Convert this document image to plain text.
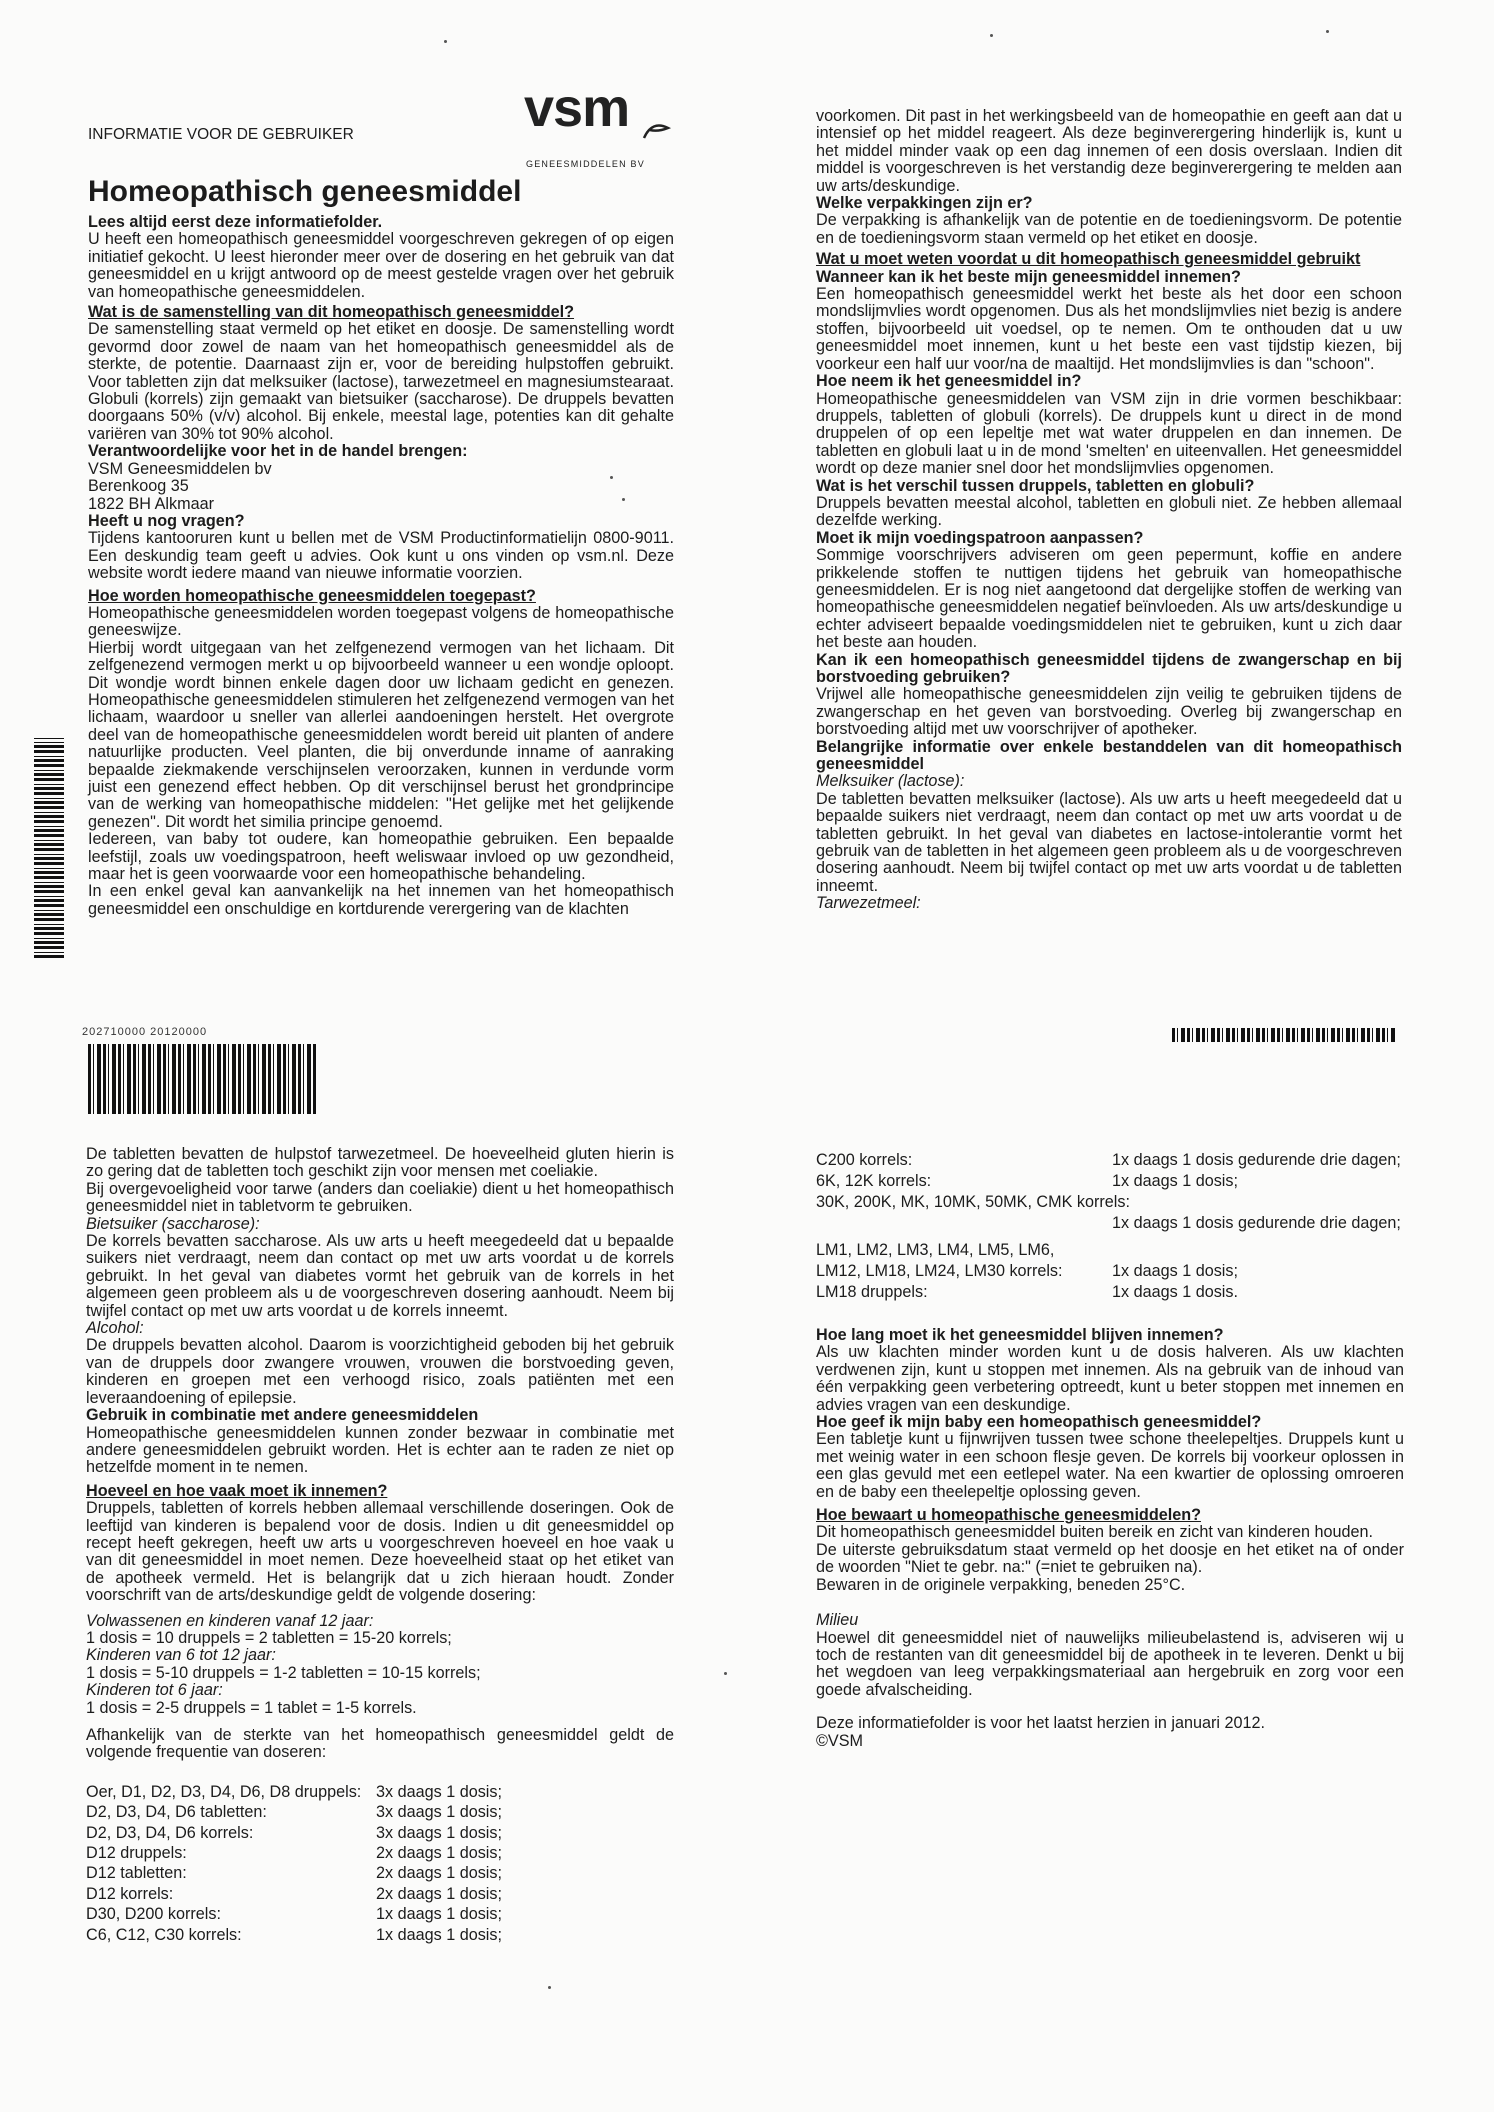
INFORMATIE VOOR DE GEBRUIKER	vsm
GENEESMIDDELEN BV
Homeopathisch geneesmiddel

Lees altijd eerst deze informatiefolder.

U heeft een homeopathisch geneesmiddel voorgeschreven gekregen of op eigen initiatief gekocht. U leest hieronder meer over de dosering en het gebruik van dat geneesmiddel en u krijgt antwoord op de meest gestelde vragen over het gebruik van homeopathische geneesmiddelen.

Wat is de samenstelling van dit homeopathisch geneesmiddel?

De samenstelling staat vermeld op het etiket en doosje. De samenstelling wordt gevormd door zowel de naam van het homeopathisch geneesmiddel als de sterkte, de potentie. Daarnaast zijn er, voor de bereiding hulpstoffen gebruikt. Voor tabletten zijn dat melksuiker (lactose), tarwezetmeel en magnesiumstearaat. Globuli (korrels) zijn gemaakt van bietsuiker (saccharose). De druppels bevatten doorgaans 50% (v/v) alcohol. Bij enkele, meestal lage, potenties kan dit gehalte variëren van 30% tot 90% alcohol.

Verantwoordelijke voor het in de handel brengen:

VSM Geneesmiddelen bv

Berenkoog 35

1822 BH Alkmaar

Heeft u nog vragen?

Tijdens kantooruren kunt u bellen met de VSM Productinformatielijn 0800-9011. Een deskundig team geeft u advies. Ook kunt u ons vinden op vsm.nl. Deze website wordt iedere maand van nieuwe informatie voorzien.

Hoe worden homeopathische geneesmiddelen toegepast?

Homeopathische geneesmiddelen worden toegepast volgens de homeopathische geneeswijze.

Hierbij wordt uitgegaan van het zelfgenezend vermogen van het lichaam. Dit zelfgenezend vermogen merkt u op bijvoorbeeld wanneer u een wondje oploopt. Dit wondje wordt binnen enkele dagen door uw lichaam gedicht en genezen. Homeopathische geneesmiddelen stimuleren het zelfgenezend vermogen van het lichaam, waardoor u sneller van allerlei aandoeningen herstelt. Het overgrote deel van de homeopathische geneesmiddelen wordt bereid uit planten of andere natuurlijke producten. Veel planten, die bij onverdunde inname of aanraking bepaalde ziekmakende verschijnselen veroorzaken, kunnen in verdunde vorm juist een genezend effect hebben. Op dit verschijnsel berust het grondprincipe van de werking van homeopathische middelen: "Het gelijke met het gelijkende genezen". Dit wordt het similia principe genoemd.

Iedereen, van baby tot oudere, kan homeopathie gebruiken. Een bepaalde leefstijl, zoals uw voedingspatroon, heeft weliswaar invloed op uw gezondheid, maar het is geen voorwaarde voor een homeopathische behandeling.

In een enkel geval kan aanvankelijk na het innemen van het homeopathisch geneesmiddel een onschuldige en kortdurende verergering van de klachten

voorkomen. Dit past in het werkingsbeeld van de homeopathie en geeft aan dat u intensief op het middel reageert. Als deze beginverergering hinderlijk is, kunt u het middel minder vaak op een dag innemen of een dosis overslaan. Indien dit middel is voorgeschreven is het verstandig deze beginverergering te melden aan uw arts/deskundige.

Welke verpakkingen zijn er?

De verpakking is afhankelijk van de potentie en de toedieningsvorm. De potentie en de toedieningsvorm staan vermeld op het etiket en doosje.

Wat u moet weten voordat u dit homeopathisch geneesmiddel gebruikt

Wanneer kan ik het beste mijn geneesmiddel innemen?

Een homeopathisch geneesmiddel werkt het beste als het door een schoon mondslijmvlies wordt opgenomen. Dus als het mondslijmvlies niet bezig is andere stoffen, bijvoorbeeld uit voedsel, op te nemen. Om te onthouden dat u uw geneesmiddel moet innemen, kunt u het beste een vast tijdstip kiezen, bij voorkeur een half uur voor/na de maaltijd. Het mondslijmvlies is dan "schoon".

Hoe neem ik het geneesmiddel in?

Homeopathische geneesmiddelen van VSM zijn in drie vormen beschikbaar: druppels, tabletten of globuli (korrels). De druppels kunt u direct in de mond druppelen of op een lepeltje met wat water druppelen en dan innemen. De tabletten en globuli laat u in de mond 'smelten' en uiteenvallen. Het geneesmiddel wordt op deze manier snel door het mondslijmvlies opgenomen.

Wat is het verschil tussen druppels, tabletten en globuli?

Druppels bevatten meestal alcohol, tabletten en globuli niet. Ze hebben allemaal dezelfde werking.

Moet ik mijn voedingspatroon aanpassen?

Sommige voorschrijvers adviseren om geen pepermunt, koffie en andere prikkelende stoffen te nuttigen tijdens het gebruik van homeopathische geneesmiddelen. Er is nog niet aangetoond dat dergelijke stoffen de werking van homeopathische geneesmiddelen negatief beïnvloeden. Als uw arts/deskundige u echter adviseert bepaalde voedingsmiddelen niet te gebruiken, kunt u zich daar het beste aan houden.

Kan ik een homeopathisch geneesmiddel tijdens de zwangerschap en bij borstvoeding gebruiken?

Vrijwel alle homeopathische geneesmiddelen zijn veilig te gebruiken tijdens de zwangerschap en het geven van borstvoeding. Overleg bij zwangerschap en borstvoeding altijd met uw voorschrijver of apotheker.

Belangrijke informatie over enkele bestanddelen van dit homeopathisch geneesmiddel

Melksuiker (lactose):

De tabletten bevatten melksuiker (lactose). Als uw arts u heeft meegedeeld dat u bepaalde suikers niet verdraagt, neem dan contact op met uw arts voordat u de tabletten gebruikt. In het geval van diabetes en lactose-intolerantie vormt het gebruik van de tabletten in het algemeen geen probleem als u de voorgeschreven dosering aanhoudt. Neem bij twijfel contact op met uw arts voordat u de tabletten inneemt.

Tarwezetmeel:

202710000 20120000

De tabletten bevatten de hulpstof tarwezetmeel. De hoeveelheid gluten hierin is zo gering dat de tabletten toch geschikt zijn voor mensen met coeliakie.

Bij overgevoeligheid voor tarwe (anders dan coeliakie) dient u het homeopathisch geneesmiddel niet in tabletvorm te gebruiken.

Bietsuiker (saccharose):

De korrels bevatten saccharose. Als uw arts u heeft meegedeeld dat u bepaalde suikers niet verdraagt, neem dan contact op met uw arts voordat u de korrels gebruikt. In het geval van diabetes vormt het gebruik van de korrels in het algemeen geen probleem als u de voorgeschreven dosering aanhoudt. Neem bij twijfel contact op met uw arts voordat u de korrels inneemt.

Alcohol:

De druppels bevatten alcohol. Daarom is voorzichtigheid geboden bij het gebruik van de druppels door zwangere vrouwen, vrouwen die borstvoeding geven, kinderen en groepen met een verhoogd risico, zoals patiënten met een leveraandoening of epilepsie.

Gebruik in combinatie met andere geneesmiddelen

Homeopathische geneesmiddelen kunnen zonder bezwaar in combinatie met andere geneesmiddelen gebruikt worden. Het is echter aan te raden ze niet op hetzelfde moment in te nemen.

Hoeveel en hoe vaak moet ik innemen?

Druppels, tabletten of korrels hebben allemaal verschillende doseringen. Ook de leeftijd van kinderen is bepalend voor de dosis. Indien u dit geneesmiddel op recept heeft gekregen, heeft uw arts u voorgeschreven hoeveel en hoe vaak u van dit geneesmiddel in moet nemen. Deze hoeveelheid staat op het etiket van de apotheek vermeld. Het is belangrijk dat u zich hieraan houdt. Zonder voorschrift van de arts/deskundige geldt de volgende dosering:

Volwassenen en kinderen vanaf 12 jaar:

1 dosis = 10 druppels = 2 tabletten = 15-20 korrels;

Kinderen van 6 tot 12 jaar:

1 dosis = 5-10 druppels = 1-2 tabletten = 10-15 korrels;

Kinderen tot 6 jaar:

1 dosis = 2-5 druppels = 1 tablet = 1-5 korrels.

Afhankelijk van de sterkte van het homeopathisch geneesmiddel geldt de volgende frequentie van doseren:

Oer, D1, D2, D3, D4, D6, D8 druppels:	3x daags 1 dosis;
D2, D3, D4, D6 tabletten:	3x daags 1 dosis;
D2, D3, D4, D6 korrels:	3x daags 1 dosis;
D12 druppels:	2x daags 1 dosis;
D12 tabletten:	2x daags 1 dosis;
D12 korrels:	2x daags 1 dosis;
D30, D200 korrels:	1x daags 1 dosis;
C6, C12, C30 korrels:	1x daags 1 dosis;
C200 korrels:	1x daags 1 dosis gedurende drie dagen;
6K, 12K korrels:	1x daags 1 dosis;
30K, 200K, MK, 10MK, 50MK, CMK korrels:	
	1x daags 1 dosis gedurende drie dagen;
LM1, LM2, LM3, LM4, LM5, LM6,	
LM12, LM18, LM24, LM30 korrels:	1x daags 1 dosis;
LM18 druppels:	1x daags 1 dosis.

Hoe lang moet ik het geneesmiddel blijven innemen?

Als uw klachten minder worden kunt u de dosis halveren. Als uw klachten verdwenen zijn, kunt u stoppen met innemen. Als na gebruik van de inhoud van één verpakking geen verbetering optreedt, kunt u beter stoppen met innemen en advies vragen van een deskundige.

Hoe geef ik mijn baby een homeopathisch geneesmiddel?

Een tabletje kunt u fijnwrijven tussen twee schone theelepeltjes. Druppels kunt u met weinig water in een schoon flesje geven. De korrels bij voorkeur oplossen in een glas gevuld met een eetlepel water. Na een kwartier de oplossing omroeren en de baby een theelepeltje oplossing geven.

Hoe bewaart u homeopathische geneesmiddelen?

Dit homeopathisch geneesmiddel buiten bereik en zicht van kinderen houden.

De uiterste gebruiksdatum staat vermeld op het doosje en het etiket na of onder de woorden "Niet te gebr. na:" (=niet te gebruiken na).

Bewaren in de originele verpakking, beneden 25°C.

Milieu

Hoewel dit geneesmiddel niet of nauwelijks milieubelastend is, adviseren wij u toch de restanten van dit geneesmiddel bij de apotheek in te leveren. Denkt u bij het wegdoen van leeg verpakkingsmateriaal aan hergebruik en zorg voor een goede afvalscheiding.

Deze informatiefolder is voor het laatst herzien in januari 2012.

©VSM
